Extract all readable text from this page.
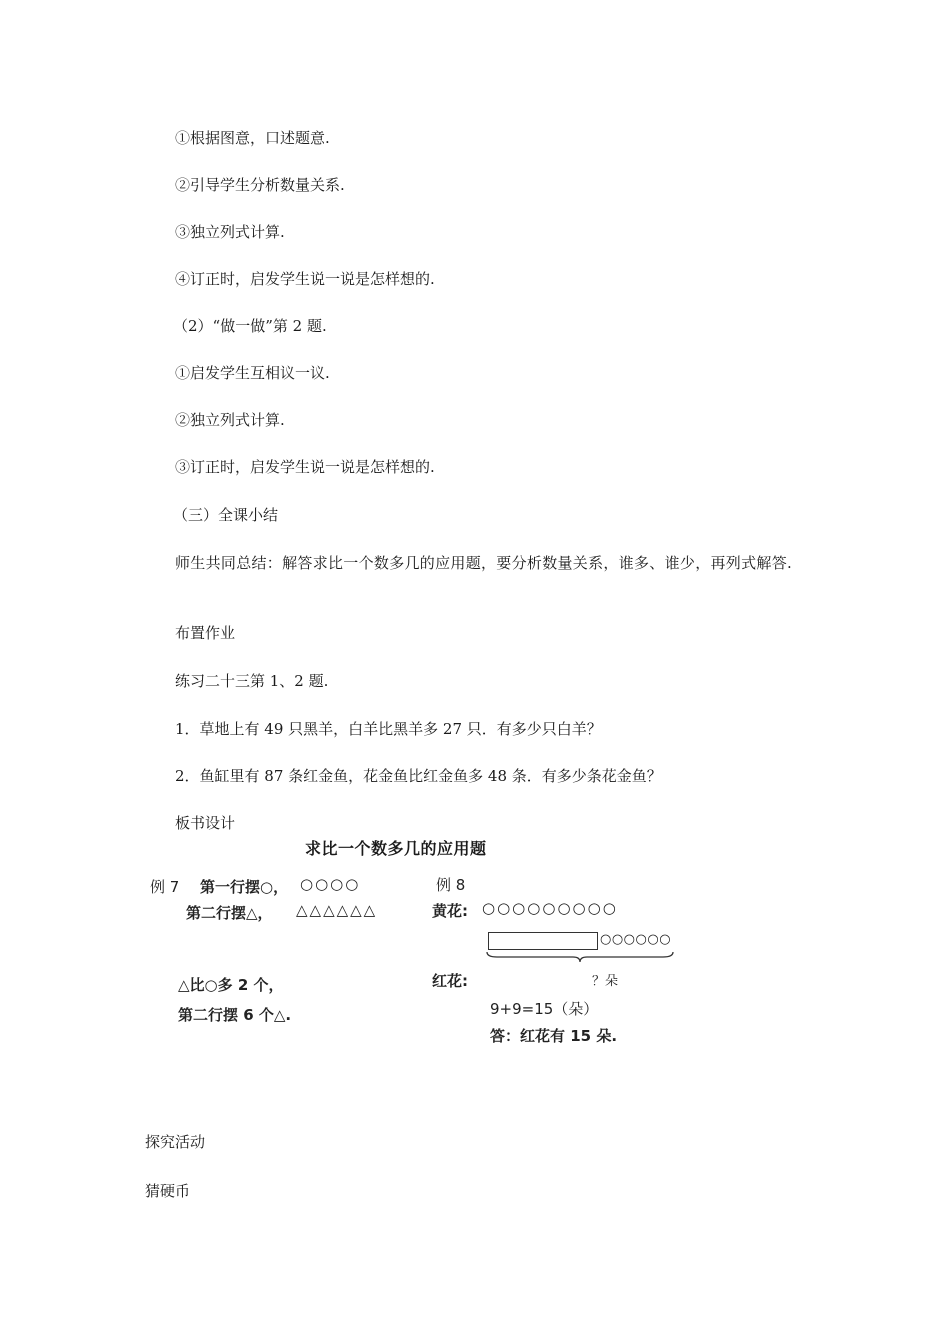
①根据图意，口述题意.
②引导学生分析数量关系.
③独立列式计算.
④订正时，启发学生说一说是怎样想的.
（2）“做一做”第 2 题.
①启发学生互相议一议.
②独立列式计算.
③订正时，启发学生说一说是怎样想的.
（三）全课小结
师生共同总结：解答求比一个数多几的应用题，要分析数量关系，谁多、谁少，再列式解答.
布置作业
练习二十三第 1、2 题.
1．草地上有 49 只黑羊，白羊比黑羊多 27 只．有多少只白羊？
2．鱼缸里有 87 条红金鱼，花金鱼比红金鱼多 48 条．有多少条花金鱼？
板书设计
求比一个数多几的应用题
例 7 第一行摆○， ○○○○
第二行摆△， △△△△△△
△比○多 2 个，
第二行摆 6 个△.
例 8
黄花: ○○○○○○○○○
○○○○○○
红花:	？朵
9+9=15（朵）
答：红花有 15 朵.
探究活动
猜硬币
